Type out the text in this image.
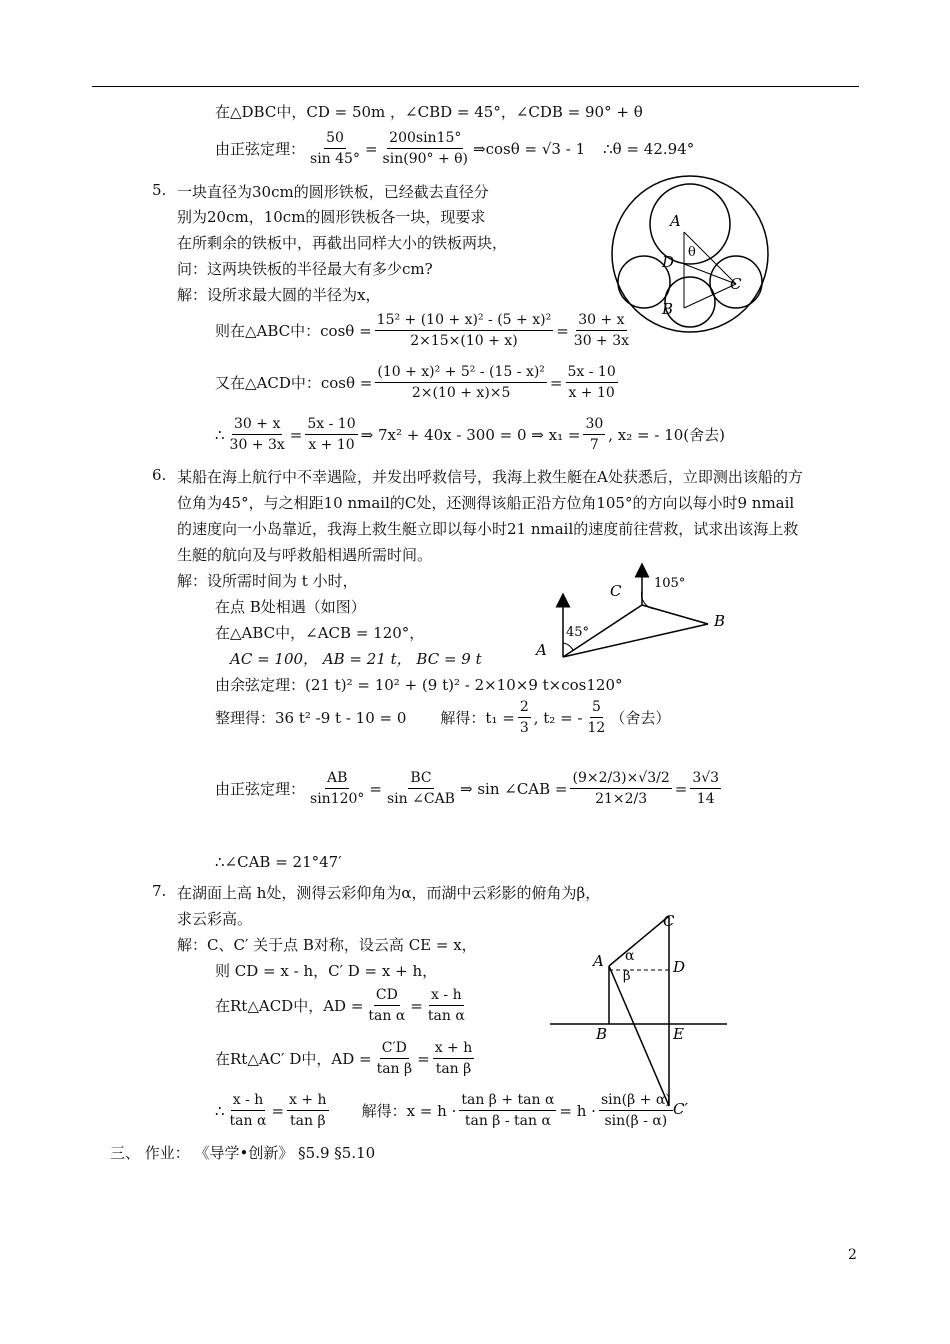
在△DBC中，CD = 50m ，∠CBD = 45°，∠CDB = 90° + θ
由正弦定理： $\frac{50}{\sin 45^\circ} = \frac{200\sin 15^\circ}{\sin(90^\circ + \theta)}$ ⇒cosθ = √3 - 1 ∴θ = 42.94°
5. 一块直径为30cm的圆形铁板，已经截去直径分
别为20cm，10cm的圆形铁板各一块，现要求
在所剩余的铁板中，再截出同样大小的铁板两块，
问：这两块铁板的半径最大有多少cm?
解：设所求最大圆的半径为x，
则在△ABC中：$\cos\theta = \frac{\text{15² + (10 + x)² - (5 + x)²}}{2\times 15\times(10 + x)} = \frac{30 + x}{30 + 3x}$
又在△ACD中：$\cos\theta = \frac{\text{(10 + x)² + 5² - (15 - x)²}}{2\times(10 + x)\times 5} = \frac{5x - 10}{x + 10}$
∴ $\frac{30 + x}{30 + 3x} = \frac{5x - 10}{x + 10}$ ⇒ 7x² + 40x - 300 = 0 ⇒ $x_1 = \frac{30}{7}$ , x₂ = - 10(舍去)
A
D
θ
C
B
6. 某船在海上航行中不幸遇险，并发出呼救信号，我海上救生艇在A处获悉后，立即测出该船的方
位角为45°，与之相距10 nmail的C处，还测得该船正沿方位角105°的方向以每小时9 nmail
的速度向一小岛靠近，我海上救生艇立即以每小时21 nmail的速度前往营救，试求出该海上救
生艇的航向及与呼救船相遇所需时间。
解：设所需时间为 t 小时，
在点 B处相遇（如图）
在△ABC中，∠ACB = 120°，
AC = 100， AB = 21 t， BC = 9 t
由余弦定理：(21 t)² = 10² + (9 t)² - 2×10×9 t×cos120°
整理得：36 t² -9 t - 10 = 0 解得：$t_1 = \frac{2}{3}$ , t₂ = - $\frac{5}{12}$ （舍去）
由正弦定理： $\frac{AB}{\sin 120^\circ} = \frac{BC}{\text{sin ∠CAB}}$ ⇒ sin ∠CAB = $\frac{(9\times 2/3)\times√3/2}{21\times 2/3} = \frac{3√3}{14}$
∴∠CAB = 21°47′
A
C
B
45°
105°
7. 在湖面上高 h处，测得云彩仰角为α，而湖中云彩影的俯角为β，
求云彩高。
解：C、C′ 关于点 B对称，设云高 CE = x，
则 CD = x - h，C′ D = x + h，
在Rt△ACD中，AD = $\frac{CD}{\text{tan α}} = \frac{x - h}{\text{tan α}}$
在Rt△AC′ D中，AD = $\frac{C'D}{\text{tan β}} = \frac{x + h}{\text{tan β}}$
∴ $\frac{x - h}{\text{tan α}} = \frac{x + h}{\text{tan β}}$ 解得：$x = h \cdot \frac{\text{tan β + tan α}}{\text{tan β - tan α}} = h \cdot \frac{\sin(\beta + \alpha)}{\sin(\beta - \alpha)}$
C
A α
β
D
B	E
C′
三、 作业： 《导学•创新》 §5.9 §5.10
2
